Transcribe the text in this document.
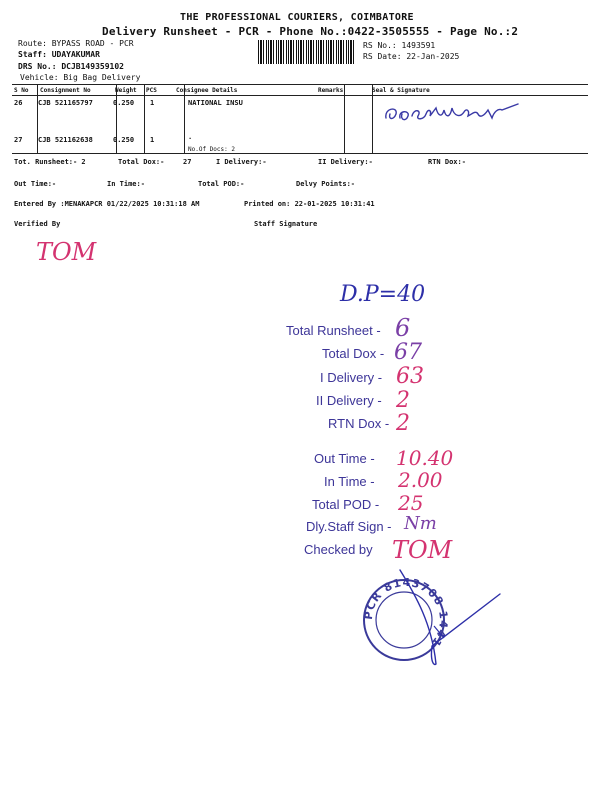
THE PROFESSIONAL COURIERS, COIMBATORE
Delivery Runsheet - PCR - Phone No.:0422-3505555 - Page No.:2
Route: BYPASS ROAD - PCR
Staff: UDAYAKUMAR
DRS No.: DCJB149359102
Vehicle: Big Bag Delivery
RS No.: 1493591
RS Date: 22-Jan-2025
S No Consignment No	Weight PCS	Consignee Details	Remarks	Seal & Signature
26 CJB 521165797	0.250 1	NATIONAL INSU
27 CJB 521162638	0.250 1	.
No.Of Docs: 2
Tot. Runsheet:- 2	Total Dox:-	27	I Delivery:-	II Delivery:-	RTN Dox:-
Out Time:-	In Time:-	Total POD:-	Delvy Points:-
Entered By :MENAKAPCR 01/22/2025 10:31:18 AM	Printed on: 22-01-2025 10:31:41
Verified By	Staff Signature
TOM
D.P=40
Total Runsheet - 6
Total Dox - 67
I Delivery - 63
II Delivery - 2
RTN Dox - 2
Out Time - 10.40
In Time - 2.00
Total POD - 25
Dly.Staff Sign - Nm
Checked by TOM
PCR 8143708 1441
